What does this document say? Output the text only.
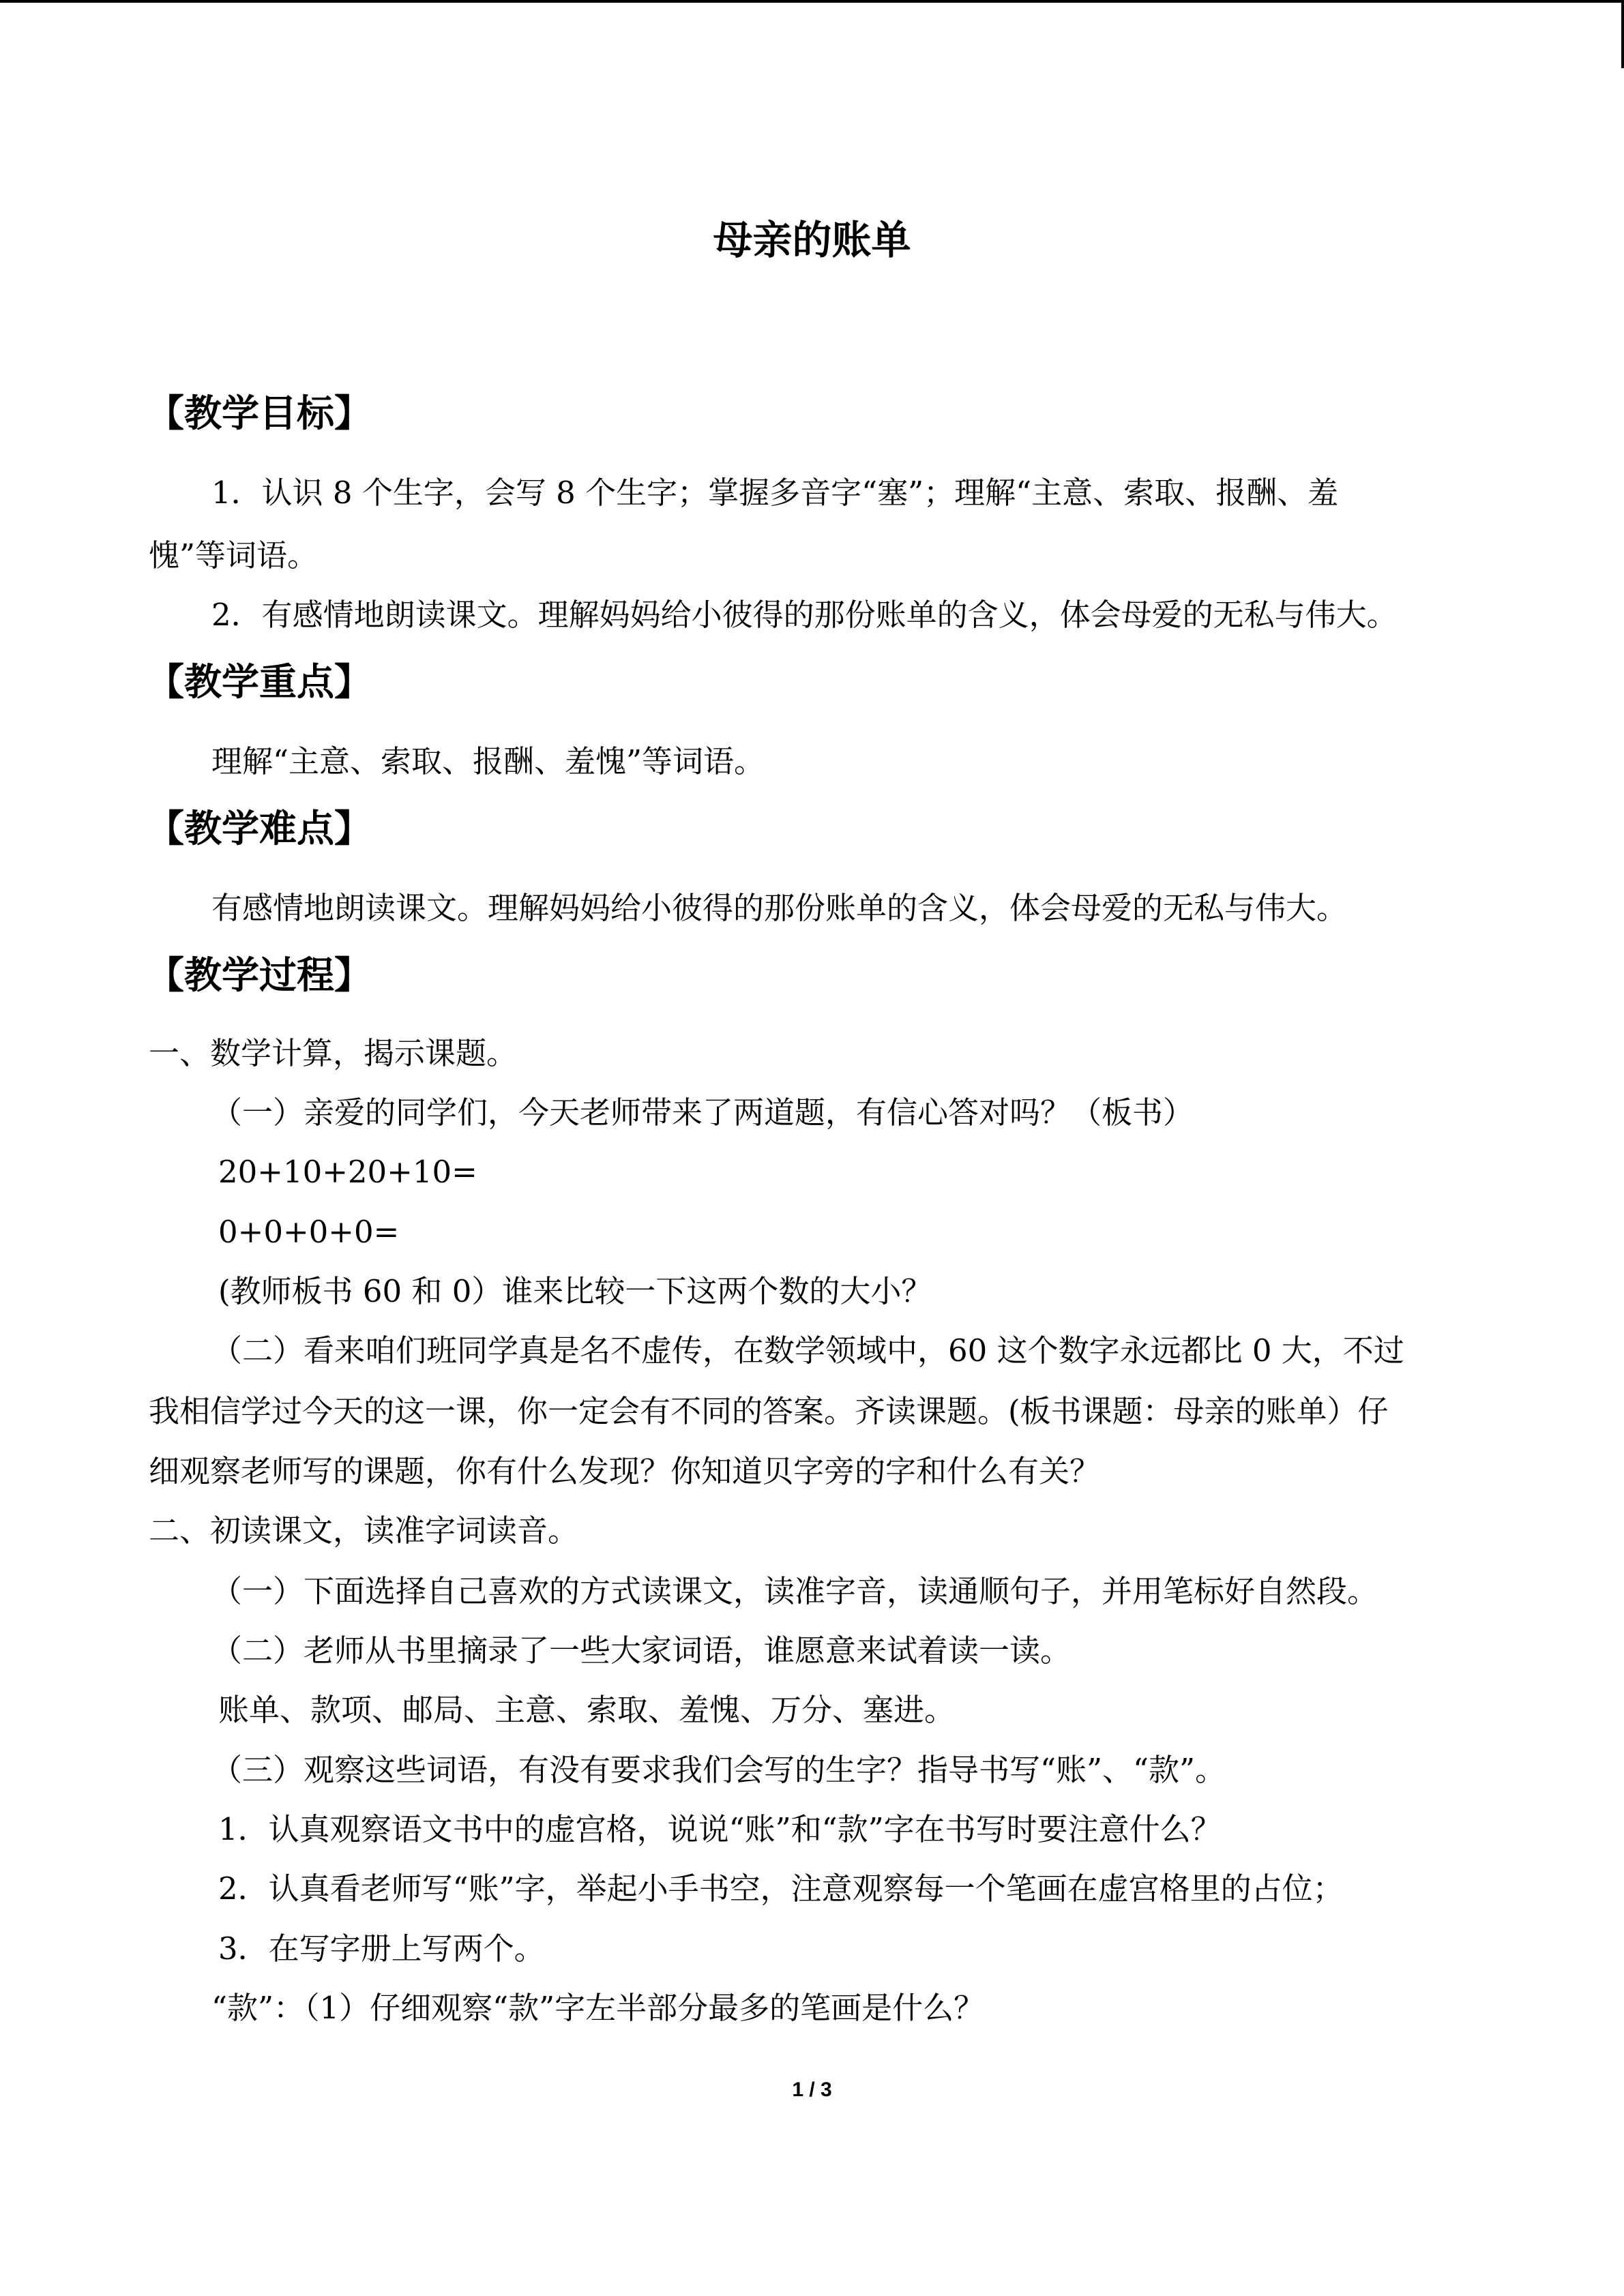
母亲的账单
【教学目标】
1．认识 8 个生字，会写 8 个生字；掌握多音字“塞”；理解“主意、索取、报酬、羞
愧”等词语。
2．有感情地朗读课文。理解妈妈给小彼得的那份账单的含义，体会母爱的无私与伟大。
【教学重点】
理解“主意、索取、报酬、羞愧”等词语。
【教学难点】
有感情地朗读课文。理解妈妈给小彼得的那份账单的含义，体会母爱的无私与伟大。
【教学过程】
一、数学计算，揭示课题。
（一）亲爱的同学们，今天老师带来了两道题，有信心答对吗？（板书）
20+10+20+10=
0+0+0+0=
(教师板书 60 和 0）谁来比较一下这两个数的大小？
（二）看来咱们班同学真是名不虚传，在数学领域中，60 这个数字永远都比 0 大，不过
我相信学过今天的这一课，你一定会有不同的答案。齐读课题。(板书课题：母亲的账单）仔
细观察老师写的课题，你有什么发现？你知道贝字旁的字和什么有关？
二、初读课文，读准字词读音。
（一）下面选择自己喜欢的方式读课文，读准字音，读通顺句子，并用笔标好自然段。
（二）老师从书里摘录了一些大家词语，谁愿意来试着读一读。
账单、款项、邮局、主意、索取、羞愧、万分、塞进。
（三）观察这些词语，有没有要求我们会写的生字？指导书写“账”、“款”。
1．认真观察语文书中的虚宫格，说说“账”和“款”字在书写时要注意什么？
2．认真看老师写“账”字，举起小手书空，注意观察每一个笔画在虚宫格里的占位；
3．在写字册上写两个。
“款”：（1）仔细观察“款”字左半部分最多的笔画是什么？
1 / 3
